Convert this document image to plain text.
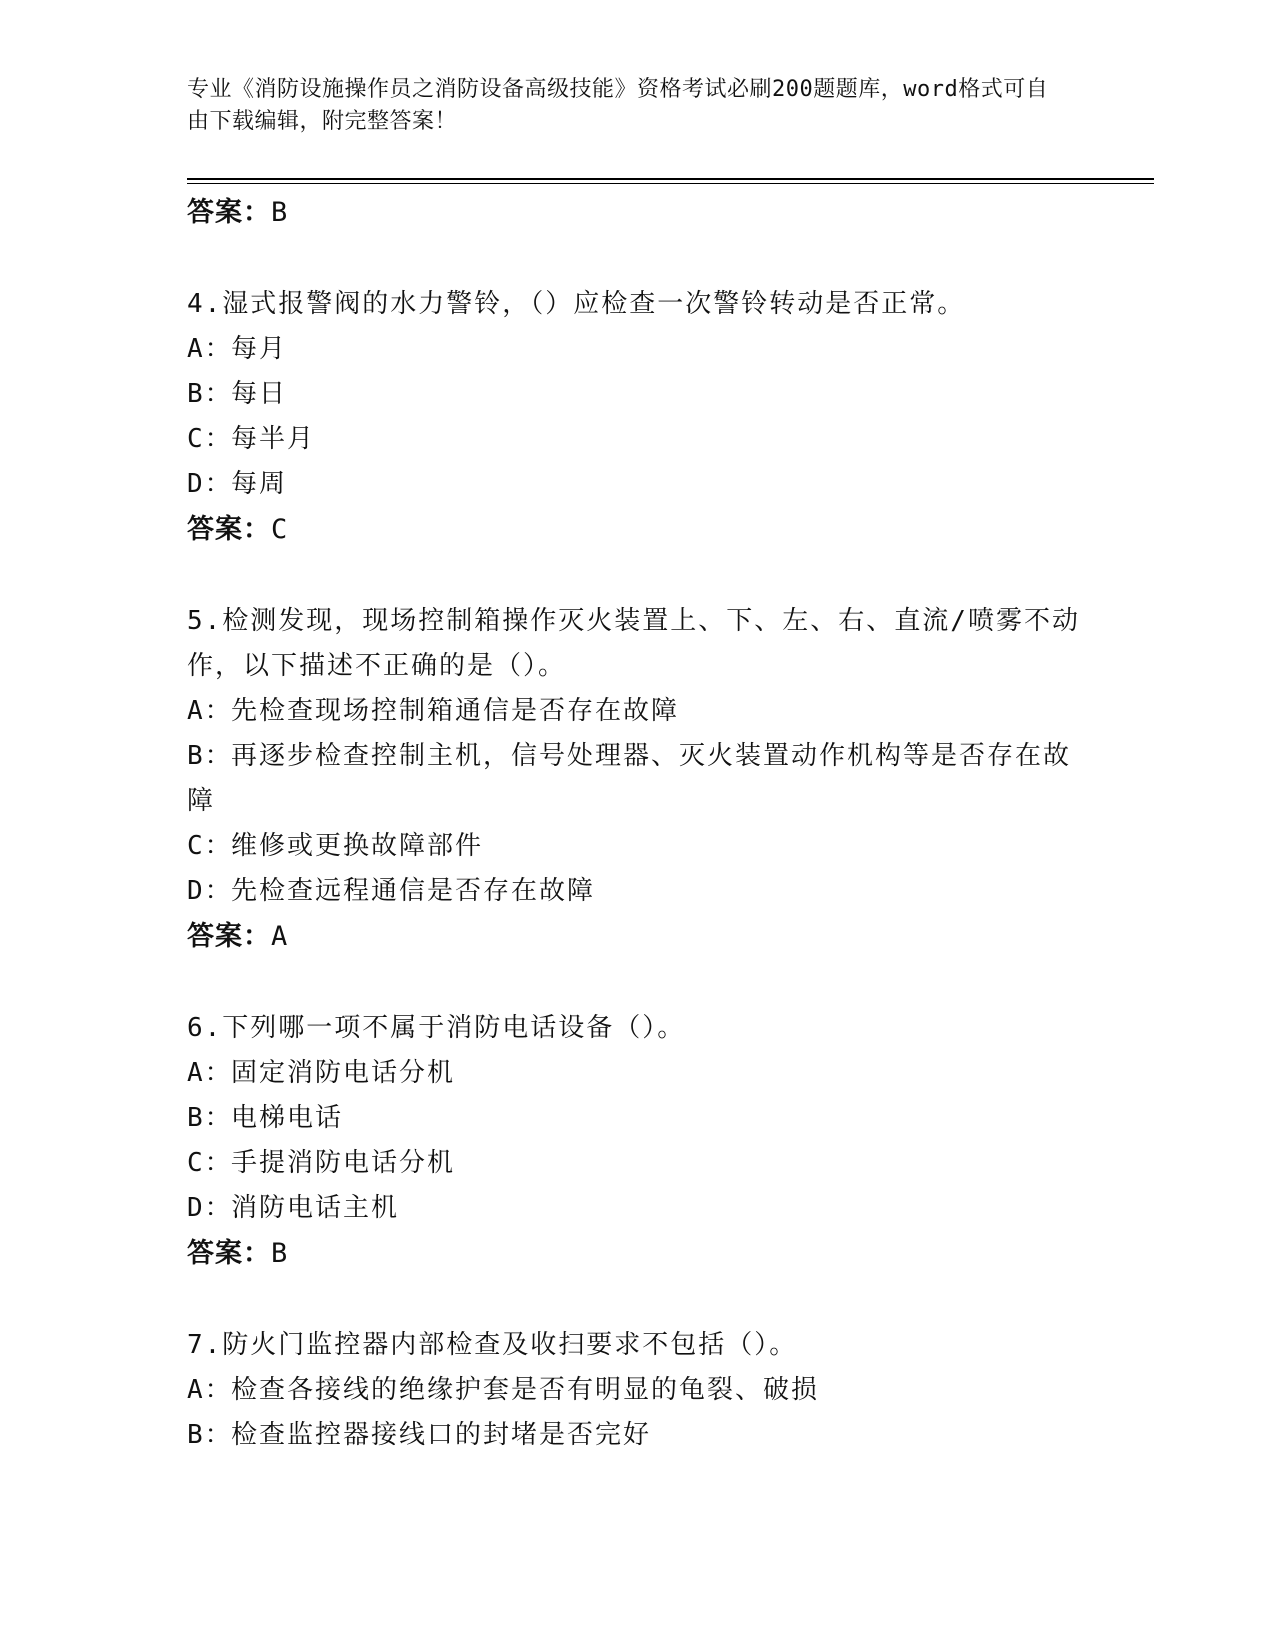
专业《消防设施操作员之消防设备高级技能》资格考试必刷200题题库，word格式可自由下载编辑，附完整答案！
答案：B
4.湿式报警阀的水力警铃，（）应检查一次警铃转动是否正常。
A：每月
B：每日
C：每半月
D：每周
答案：C
5.检测发现，现场控制箱操作灭火装置上、下、左、右、直流/喷雾不动作，以下描述不正确的是（）。
A：先检查现场控制箱通信是否存在故障
B：再逐步检查控制主机，信号处理器、灭火装置动作机构等是否存在故障
C：维修或更换故障部件
D：先检查远程通信是否存在故障
答案：A
6.下列哪一项不属于消防电话设备（）。
A：固定消防电话分机
B：电梯电话
C：手提消防电话分机
D：消防电话主机
答案：B
7.防火门监控器内部检查及收扫要求不包括（）。
A：检查各接线的绝缘护套是否有明显的龟裂、破损
B：检查监控器接线口的封堵是否完好
